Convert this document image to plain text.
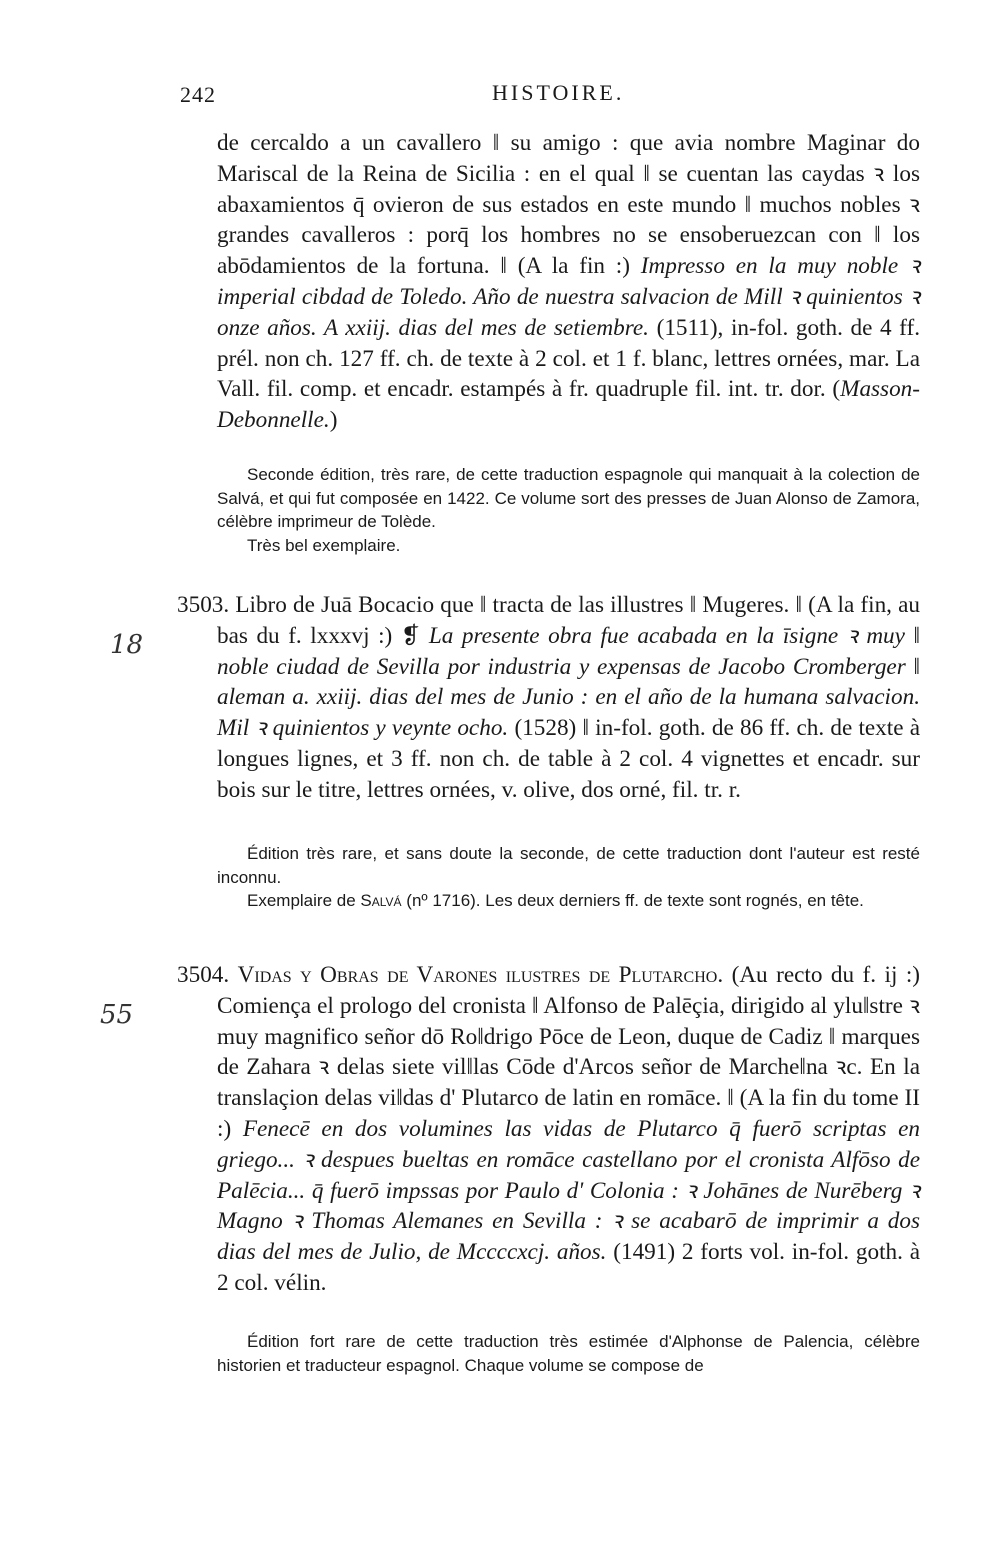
242	HISTOIRE.
de cercaldo a un cavallero ‖ su amigo : que avia nombre Maginar do Mariscal de la Reina de Sicilia : en el qual ‖ se cuentan las caydas ꝛ los abaxamientos q̄ ovieron de sus estados en este mundo ‖ muchos nobles ꝛ grandes cavalleros : porq̄ los hombres no se ensoberuezcan con ‖ los abōdamientos de la fortuna. ‖ (A la fin :) Impresso en la muy noble ꝛ imperial cibdad de Toledo. Año de nuestra salvacion de Mill ꝛ quinientos ꝛ onze años. A xxiij. dias del mes de setiembre. (1511), in-fol. goth. de 4 ff. prél. non ch. 127 ff. ch. de texte à 2 col. et 1 f. blanc, lettres ornées, mar. La Vall. fil. comp. et encadr. estampés à fr. quadruple fil. int. tr. dor. (Masson-Debonnelle.)

Seconde édition, très rare, de cette traduction espagnole qui manquait à la colection de Salvá, et qui fut composée en 1422. Ce volume sort des presses de Juan Alonso de Zamora, célèbre imprimeur de Tolède.

Très bel exemplaire.

18
3503. Libro de Juā Bocacio que ‖ tracta de las illustres ‖ Mugeres. ‖ (A la fin, au bas du f. lxxxvj :) ❡ La presente obra fue acabada en la īsigne ꝛ muy ‖ noble ciudad de Sevilla por industria y expensas de Jacobo Cromberger ‖ aleman a. xxiij. dias del mes de Junio : en el año de la humana salvacion. Mil ꝛ quinientos y veynte ocho. (1528) ‖ in-fol. goth. de 86 ff. ch. de texte à longues lignes, et 3 ff. non ch. de table à 2 col. 4 vignettes et encadr. sur bois sur le titre, lettres ornées, v. olive, dos orné, fil. tr. r.

Édition très rare, et sans doute la seconde, de cette traduction dont l'auteur est resté inconnu.

Exemplaire de Salvá (nº 1716). Les deux derniers ff. de texte sont rognés, en tête.

55
3504. Vidas y Obras de Varones ilustres de Plutarcho. (Au recto du f. ij :) Comiença el prologo del cronista ‖ Alfonso de Palēçia, dirigido al ylu‖stre ꝛ muy magnifico señor dō Ro‖drigo Pōce de Leon, duque de Cadiz ‖ marques de Zahara ꝛ delas siete vil‖las Cōde d'Arcos señor de Marche‖na ꝛc. En la translaçion delas vi‖das d' Plutarco de latin en romāce. ‖ (A la fin du tome II :) Fenecē en dos volumines las vidas de Plutarco q̄ fuerō scriptas en griego... ꝛ despues bueltas en romāce castellano por el cronista Alfōso de Palēcia... q̄ fuerō impssas por Paulo d' Colonia : ꝛ Johānes de Nurēberg ꝛ Magno ꝛ Thomas Alemanes en Sevilla : ꝛ se acabarō de imprimir a dos dias del mes de Julio, de Mccccxcj. años. (1491) 2 forts vol. in-fol. goth. à 2 col. vélin.

Édition fort rare de cette traduction très estimée d'Alphonse de Palencia, célèbre historien et traducteur espagnol. Chaque volume se compose de
